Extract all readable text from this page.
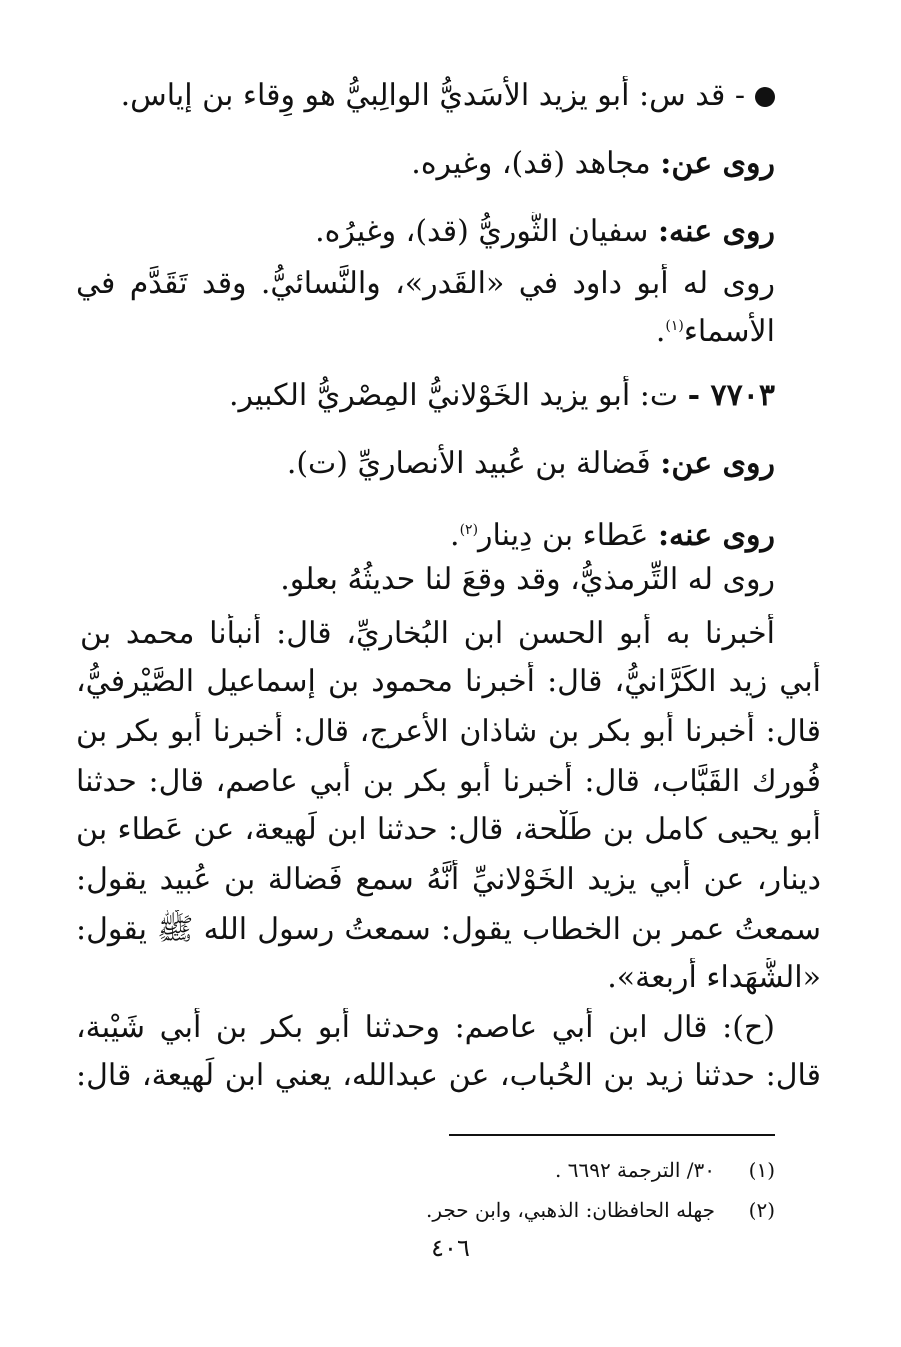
- قد س: أبو يزيد الأَسَديُّ الوالِبيُّ هو وِقاء بن إياس.
روى عن: مجاهد (قد)، وغيره.
روى عنه: سفيان الثَّوريُّ (قد)، وغيرُه.
روى له أبو داود في «القَدر»، والنَّسائيُّ. وقد تَقَدَّم في
الأسماء$^{(١)}$.
٧٧٠٣ - ت: أبو يزيد الخَوْلانيُّ المِصْريُّ الكبير.
روى عن: فَضالة بن عُبيد الأنصاريِّ (ت).
روى عنه: عَطاء بن دِينار$^{(٢)}$.
روى له التِّرمذيُّ، وقد وقعَ لنا حديثُهُ بعلو.
أخبرنا به أبو الحسن ابن البُخاريِّ، قال: أنبأنا محمد بن
أبي زيد الكَرَّانيُّ، قال: أخبرنا محمود بن إسماعيل الصَّيْرفيُّ،
قال: أخبرنا أبو بكر بن شاذان الأعرج، قال: أخبرنا أبو بكر بن
فُورك القَبَّاب، قال: أخبرنا أبو بكر بن أبي عاصم، قال: حدثنا
أبو يحيى كامل بن طَلْحة، قال: حدثنا ابن لَهيعة، عن عَطاء بن
دينار، عن أبي يزيد الخَوْلانيِّ أنَّهُ سمع فَضالة بن عُبيد يقول:
سمعتُ عمر بن الخطاب يقول: سمعتُ رسول الله ﷺ يقول:
«الشُّهَداء أربعة».
(ح): قال ابن أبي عاصم: وحدثنا أبو بكر بن أبي شَيْبة،
قال: حدثنا زيد بن الحُباب، عن عبدالله، يعني ابن لَهيعة، قال:
(١)٣٠/ الترجمة ٦٦٩٢ .
(٢)جهله الحافظان: الذهبي، وابن حجر.
٤٠٦
